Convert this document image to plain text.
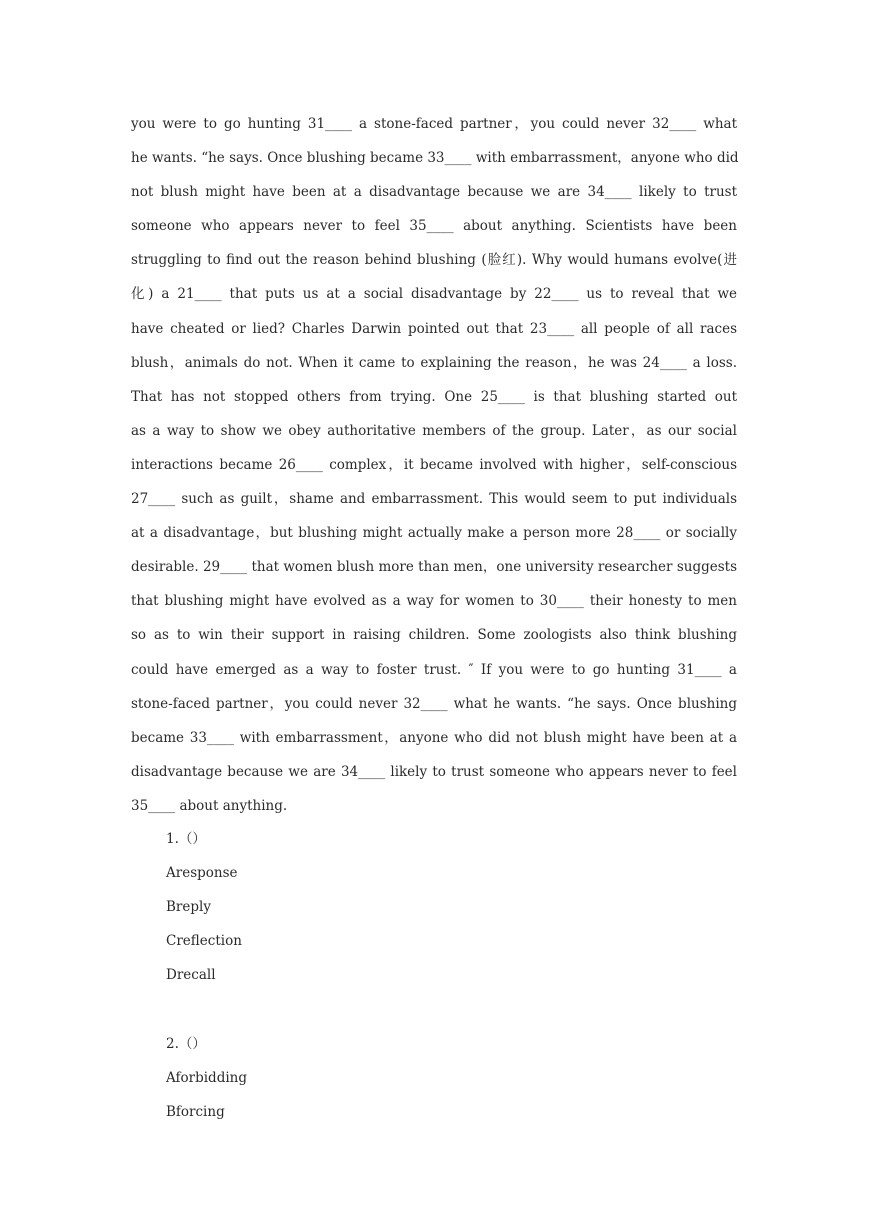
you were to go hunting 31____ a stone-faced partner，you could never 32____ what
he wants. “he says. Once blushing became 33____ with embarrassment，anyone who did
not blush might have been at a disadvantage because we are 34____ likely to trust
someone who appears never to feel 35____ about anything. Scientists have been
struggling to find out the reason behind blushing (脸红). Why would humans evolve(进
化) a 21____ that puts us at a social disadvantage by 22____ us to reveal that we
have cheated or lied? Charles Darwin pointed out that 23____ all people of all races
blush，animals do not. When it came to explaining the reason，he was 24____ a loss.
That has not stopped others from trying. One 25____ is that blushing started out
as a way to show we obey authoritative members of the group. Later，as our social
interactions became 26____ complex，it became involved with higher，self-conscious
27____ such as guilt，shame and embarrassment. This would seem to put individuals
at a disadvantage，but blushing might actually make a person more 28____ or socially
desirable. 29____ that women blush more than men，one university researcher suggests
that blushing might have evolved as a way for women to 30____ their honesty to men
so as to win their support in raising children. Some zoologists also think blushing
could have emerged as a way to foster trust. ″ If you were to go hunting 31____ a
stone-faced partner，you could never 32____ what he wants. “he says. Once blushing
became 33____ with embarrassment，anyone who did not blush might have been at a
disadvantage because we are 34____ likely to trust someone who appears never to feel
35____ about anything.
1.（）
Aresponse
Breply
Creflection
Drecall
2.（）
Aforbidding
Bforcing
